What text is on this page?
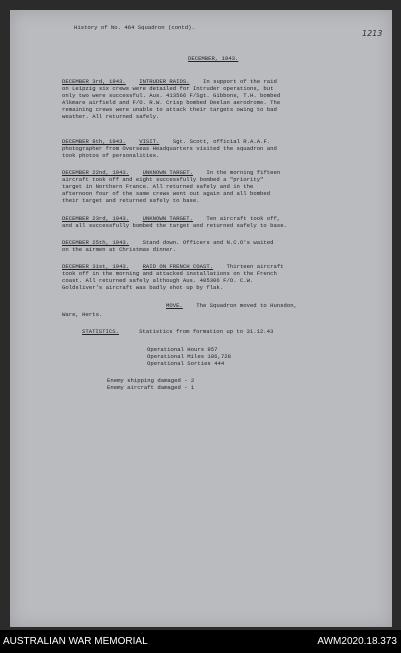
History of No. 464 Squadron (contd).
1213
DECEMBER, 1943.
DECEMBER 3rd, 1943. INTRUDER RAIDS. In support of the raid
on Leipzig six crews were detailed for Intruder operations, but
only two were successful. Aus. 413566 F/Sgt. Gibbons, T.H. bombed
Alkmare airfield and F/O. R.W. Crisp bombed Deelan aerodrome. The
remaining crews were unable to attack their targets owing to bad
weather. All returned safely.
DECEMBER 8th, 1943. VISIT. Sgt. Scott, official R.A.A.F.
photographer from Overseas Headquarters visited the squadron and
took photos of personalities.
DECEMBER 22nd, 1943. UNKNOWN TARGET. In the morning fifteen
aircraft took off and eight successfully bombed a "priority"
target in Northern France. All returned safely and in the
afternoon four of the same crews went out again and all bombed
their target and returned safely to base.
DECEMBER 23rd, 1943. UNKNOWN TARGET. Ten aircraft took off,
and all successfully bombed the target and returned safely to base.
DECEMBER 25th, 1943. Stand down. Officers and N.C.O's waited
on the airmen at Christmas dinner.
DECEMBER 31st, 1943. RAID ON FRENCH COAST. Thirteen aircraft
took off in the morning and attacked installations on the French
coast. All returned safely although Aus. 405306 F/O. C.W.
Goldsliver's aircraft was badly shot up by flak.
MOVE. The Squadron moved to Hunsdon,
Ware, Herts.
STATISTICS.	Statistics from formation up to 31.12.43
Operational Hours 957
Operational Miles 186,728
Operational Sorties 444
Enemy shipping damaged - 2
Enemy aircraft damaged - 1
AUSTRALIAN WAR MEMORIAL	AWM2020.18.373
